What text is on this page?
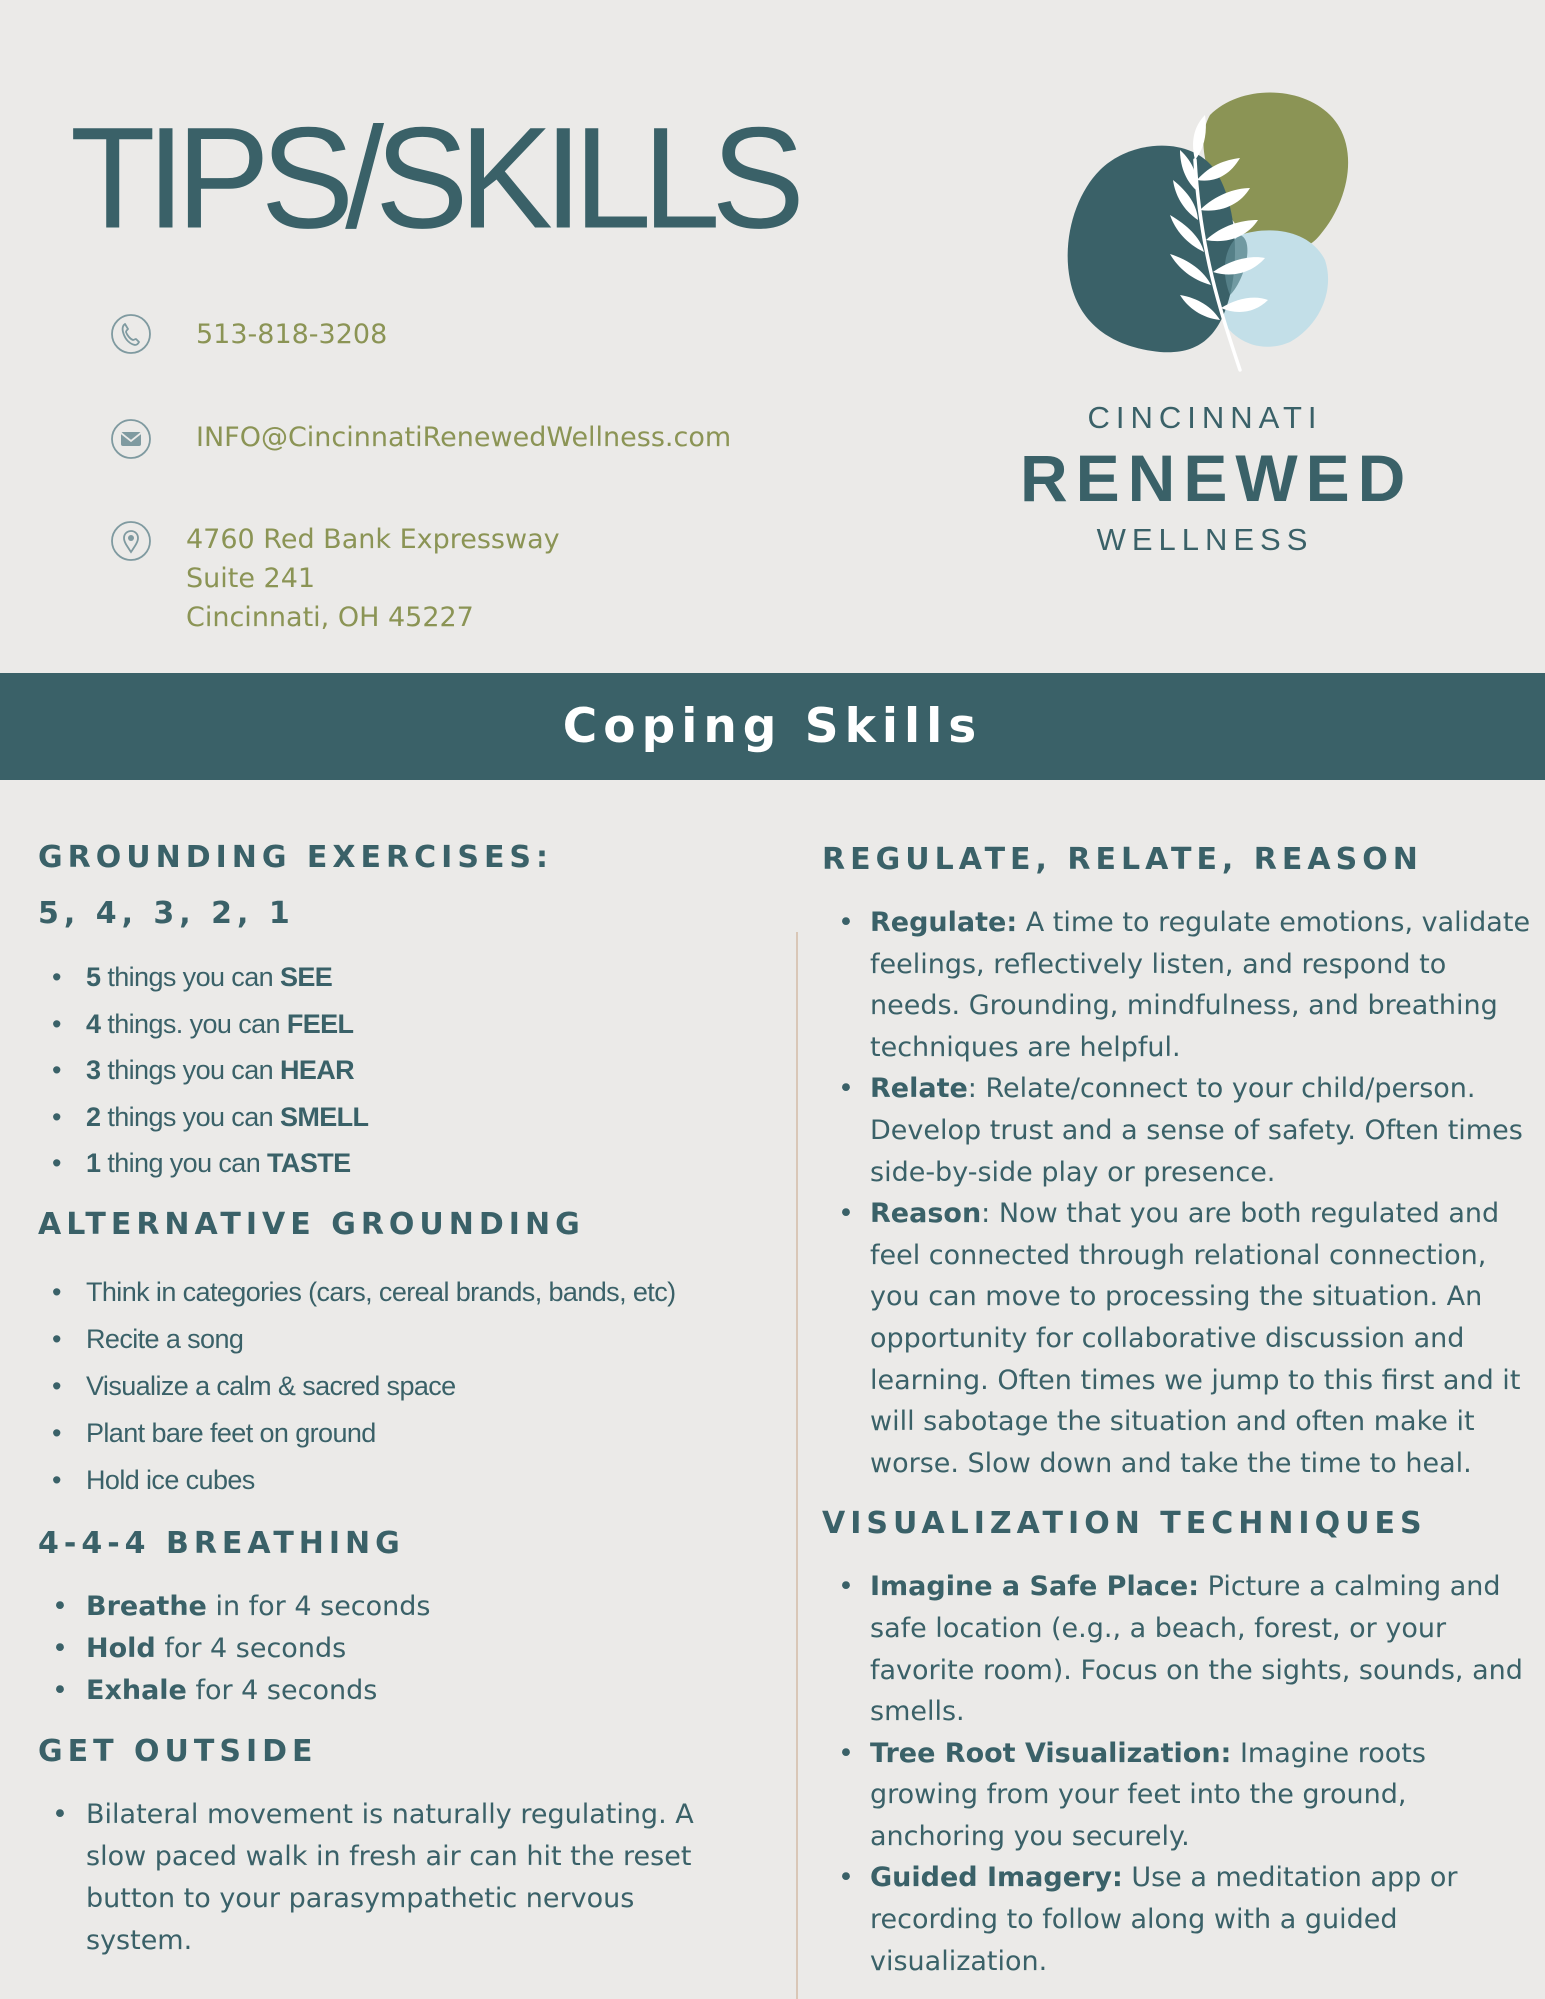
TIPS/SKILLS
513-818-3208
INFO@CincinnatiRenewedWellness.com
4760 Red Bank Expressway
Suite 241
Cincinnati, OH 45227
CINCINNATI
RENEWED
WELLNESS
Coping Skills
GROUNDING EXERCISES:
5, 4, 3, 2, 1
• 5 things you can SEE
• 4 things. you can FEEL
• 3 things you can HEAR
• 2 things you can SMELL
• 1 thing you can TASTE
ALTERNATIVE GROUNDING
• Think in categories (cars, cereal brands, bands, etc)
• Recite a song
• Visualize a calm & sacred space
• Plant bare feet on ground
• Hold ice cubes
4-4-4 BREATHING
• Breathe in for 4 seconds
• Hold for 4 seconds
• Exhale for 4 seconds
GET OUTSIDE
• Bilateral movement is naturally regulating. A slow paced walk in fresh air can hit the reset button to your parasympathetic nervous system.
REGULATE, RELATE, REASON
• Regulate: A time to regulate emotions, validate feelings, reflectively listen, and respond to needs. Grounding, mindfulness, and breathing techniques are helpful.
• Relate: Relate/connect to your child/person. Develop trust and a sense of safety. Often times side-by-side play or presence.
• Reason: Now that you are both regulated and feel connected through relational connection, you can move to processing the situation. An opportunity for collaborative discussion and learning. Often times we jump to this first and it will sabotage the situation and often make it worse. Slow down and take the time to heal.
VISUALIZATION TECHNIQUES
• Imagine a Safe Place: Picture a calming and safe location (e.g., a beach, forest, or your favorite room). Focus on the sights, sounds, and smells.
• Tree Root Visualization: Imagine roots growing from your feet into the ground, anchoring you securely.
• Guided Imagery: Use a meditation app or recording to follow along with a guided visualization.
